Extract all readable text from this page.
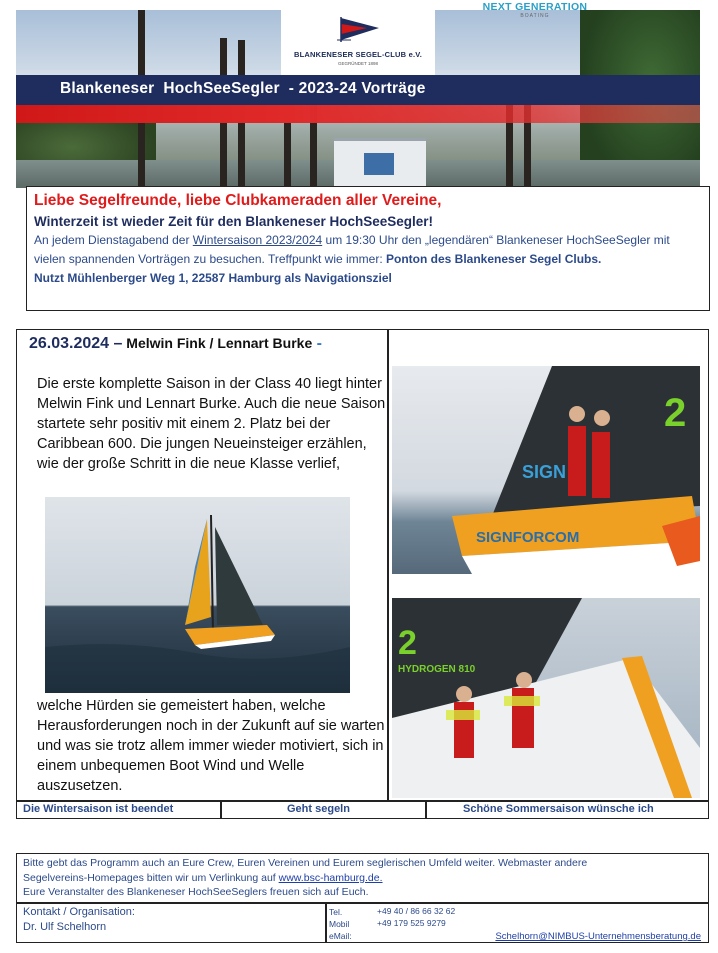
Blankeneser  HochSeeSegler  - 2023-24 Vorträge
BLANKENESER SEGEL-CLUB e.V.
GEGRÜNDET 1898
Liebe Segelfreunde, liebe Clubkameraden aller Vereine,
Winterzeit ist wieder Zeit für den Blankeneser HochSeeSegler!
An jedem Dienstagabend der Wintersaison 2023/2024 um 19:30 Uhr den „legendären“ Blankeneser HochSeeSegler mit vielen spannenden Vorträgen zu besuchen. Treffpunkt wie immer: Ponton des Blankeneser Segel Clubs.
Nutzt Mühlenberger Weg 1, 22587 Hamburg als Navigationsziel
26.03.2024 – Melwin Fink / Lennart Burke -
Die erste komplette Saison in der Class 40 liegt hinter Melwin Fink und Lennart Burke. Auch die neue Saison startete sehr positiv mit einem 2. Platz bei der Caribbean 600. Die jungen Neueinsteiger erzählen, wie der große Schritt in die neue Klasse verlief,
welche Hürden sie gemeistert haben, welche Herausforderungen noch in der Zukunft auf sie warten und was sie trotz allem immer wieder motiviert, sich in einem unbequemen Boot Wind und Welle auszusetzen.
Die Wintersaison ist beendet	Geht segeln	Schöne Sommersaison wünsche ich
NEXT GENERATION
BOATING
2
SIGN
SIGNFORCOM
2
HYDROGEN 810
Bitte gebt das Programm auch an Eure Crew, Euren Vereinen und Eurem seglerischen Umfeld weiter. Webmaster andere
Segelvereins-Homepages bitten wir um Verlinkung auf www.bsc-hamburg.de.
Eure Veranstalter des Blankeneser HochSeeSeglers freuen sich auf Euch.
Kontakt / Organisation:
Dr. Ulf Schelhorn
Tel.	+49 40 / 86 66 32 62
Mobil	+49 179 525 9279
eMail:	Schelhorn@NIMBUS-Unternehmensberatung.de
